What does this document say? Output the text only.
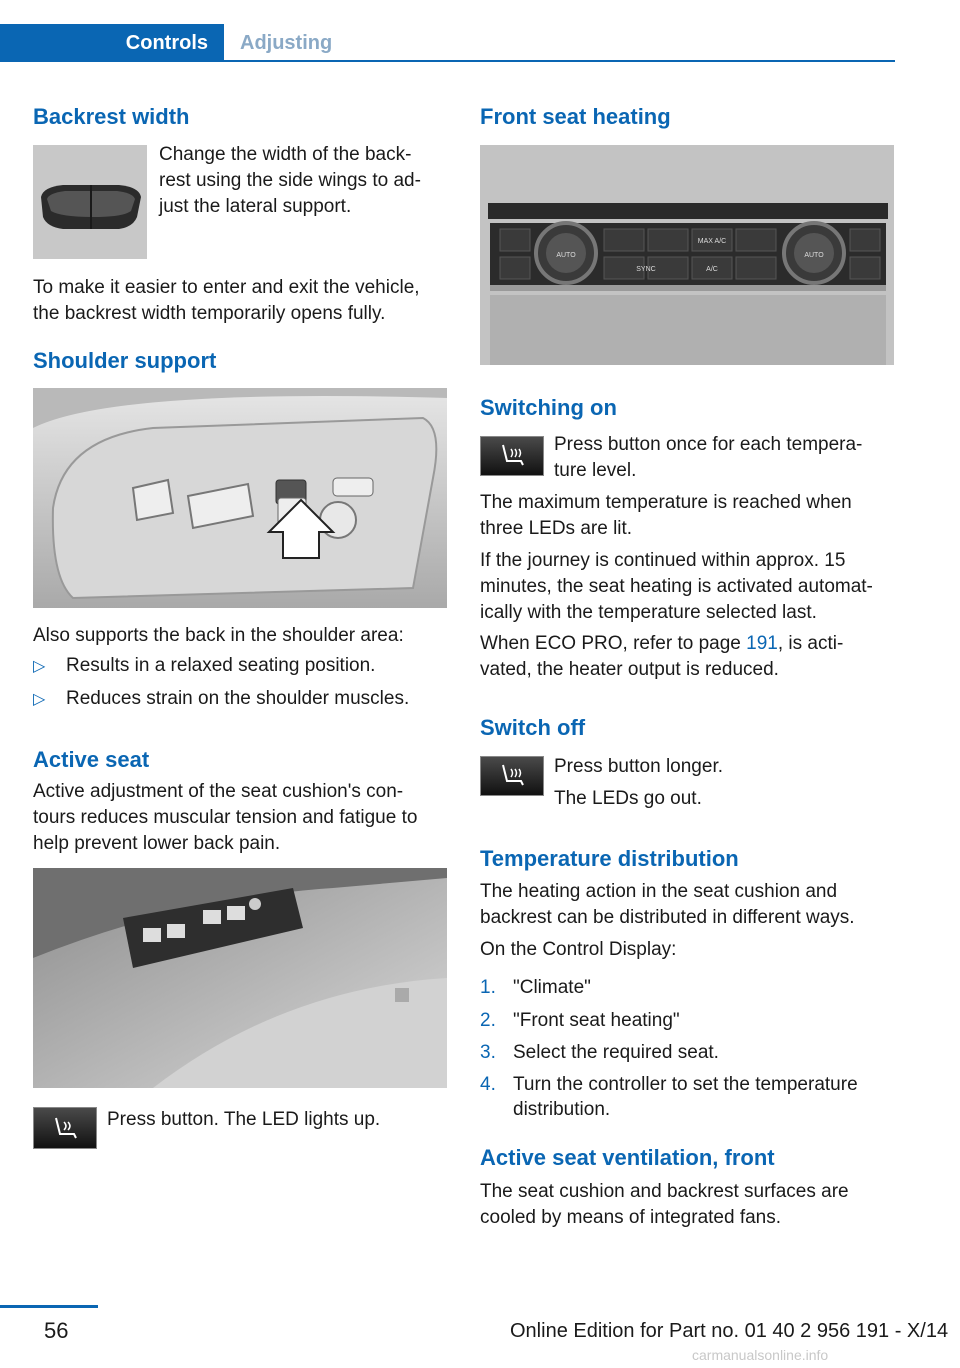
Controls	Adjusting
Backrest width

Change the width of the back-

rest using the side wings to ad-

just the lateral support.

To make it easier to enter and exit the vehicle,

the backrest width temporarily opens fully.

Shoulder support

Also supports the back in the shoulder area:

▷ Results in a relaxed seating position.

▷ Reduces strain on the shoulder muscles.

Active seat

Active adjustment of the seat cushion's con-

tours reduces muscular tension and fatigue to

help prevent lower back pain.

Press button. The LED lights up.

Front seat heating
AUTO	AUTO
MAX A/C
SYNC	A/C
Switching on

Press button once for each tempera-

ture level.

The maximum temperature is reached when

three LEDs are lit.

If the journey is continued within approx. 15

minutes, the seat heating is activated automat-

ically with the temperature selected last.

When ECO PRO, refer to page 191, is acti-

vated, the heater output is reduced.

Switch off

Press button longer.

The LEDs go out.

Temperature distribution

The heating action in the seat cushion and

backrest can be distributed in different ways.

On the Control Display:

1. "Climate"

2. "Front seat heating"

3. Select the required seat.

4. Turn the controller to set the temperature

distribution.

Active seat ventilation, front

The seat cushion and backrest surfaces are

cooled by means of integrated fans.

56	Online Edition for Part no. 01 40 2 956 191 - X/14
carmanualsonline.info
